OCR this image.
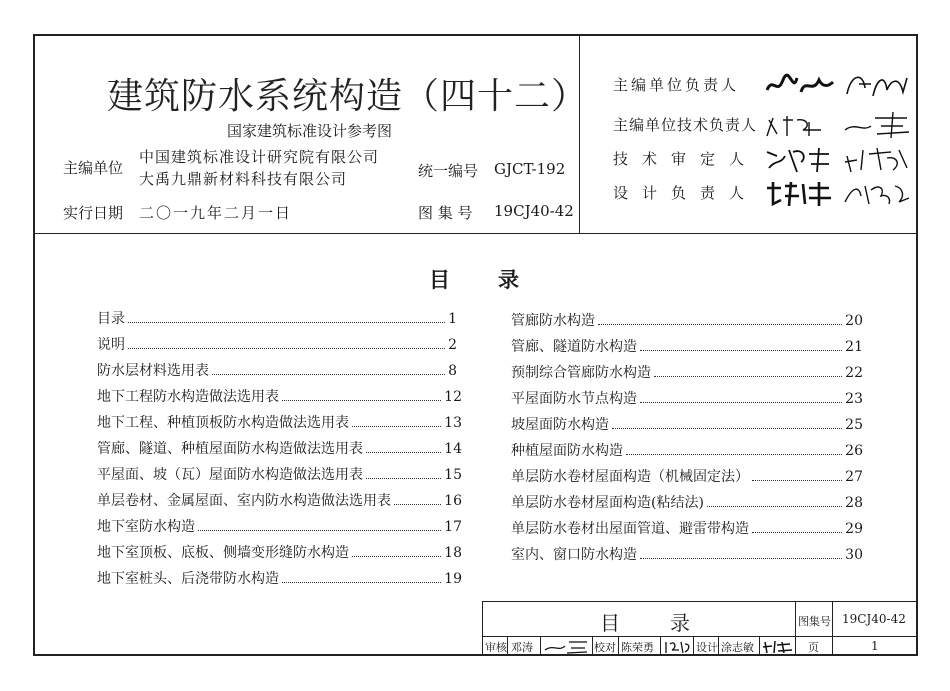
建筑防水系统构造（四十二）
国家建筑标准设计参考图
主编单位
中国建筑标准设计研究院有限公司
大禹九鼎新材料科技有限公司	统一编号 GJCT-192
实行日期 二〇一九年二月一日	图 集 号 19CJ40-42
主编单位负责人
主编单位技术负责人
技术审定人
设计负责人
目 录
目录	1
说明	2
防水层材料选用表	8
地下工程防水构造做法选用表	12
地下工程、种植顶板防水构造做法选用表	13
管廊、隧道、种植屋面防水构造做法选用表	14
平屋面、坡（瓦）屋面防水构造做法选用表	15
单层卷材、金属屋面、室内防水构造做法选用表	16
地下室防水构造	17
地下室顶板、底板、侧墙变形缝防水构造	18
地下室桩头、后浇带防水构造	19
管廊防水构造	20
管廊、隧道防水构造	21
预制综合管廊防水构造	22
平屋面防水节点构造	23
坡屋面防水构造	25
种植屋面防水构造	26
单层防水卷材屋面构造（机械固定法）	27
单层防水卷材屋面构造(粘结法)	28
单层防水卷材出屋面管道、避雷带构造	29
室内、窗口防水构造	30
目	录	图集号 19CJ40-42
审核 邓涛	校对 陈荣勇	设计 涂志敏	页	1
